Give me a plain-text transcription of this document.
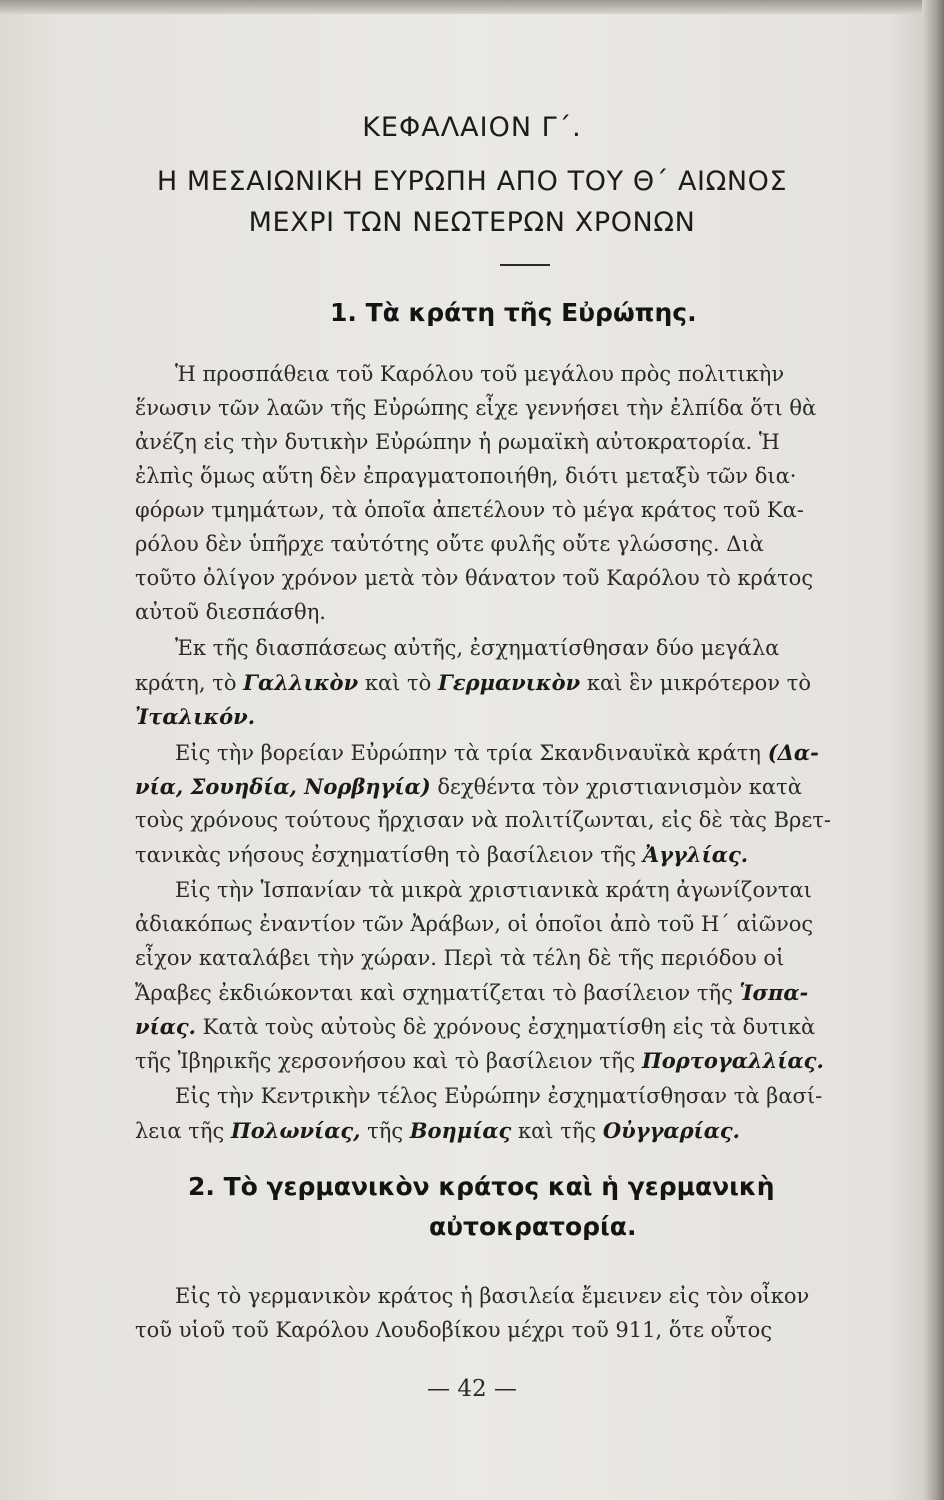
ΚΕΦΑΛΑΙΟΝ Γ΄.
Η ΜΕΣΑΙΩΝΙΚΗ ΕΥΡΩΠΗ ΑΠΟ ΤΟΥ Θ΄ ΑΙΩΝΟΣ
ΜΕΧΡΙ ΤΩΝ ΝΕΩΤΕΡΩΝ ΧΡΟΝΩΝ
1. Τὰ κράτη τῆς Εὐρώπης.
Ἡ προσπάθεια τοῦ Καρόλου τοῦ μεγάλου πρὸς πολιτικὴν
ἕνωσιν τῶν λαῶν τῆς Εὐρώπης εἶχε γεννήσει τὴν ἐλπίδα ὅτι θὰ
ἀνέζη εἰς τὴν δυτικὴν Εὐρώπην ἡ ρωμαϊκὴ αὐτοκρατορία. Ἡ
ἐλπὶς ὅμως αὕτη δὲν ἐπραγματοποιήθη, διότι μεταξὺ τῶν δια·
φόρων τμημάτων, τὰ ὁποῖα ἀπετέλουν τὸ μέγα κράτος τοῦ Κα-
ρόλου δὲν ὑπῆρχε ταὐτότης οὔτε φυλῆς οὔτε γλώσσης. Διὰ
τοῦτο ὀλίγον χρόνον μετὰ τὸν θάνατον τοῦ Καρόλου τὸ κράτος
αὐτοῦ διεσπάσθη.
Ἐκ τῆς διασπάσεως αὐτῆς, ἐσχηματίσθησαν δύο μεγάλα
κράτη, τὸ Γαλλικὸν καὶ τὸ Γερμανικὸν καὶ ἓν μικρότερον τὸ
Ἰταλικόν.
Εἰς τὴν βορείαν Εὐρώπην τὰ τρία Σκανδιναυϊκὰ κράτη (Δα-
νία, Σουηδία, Νορβηγία) δεχθέντα τὸν χριστιανισμὸν κατὰ
τοὺς χρόνους τούτους ἤρχισαν νὰ πολιτίζωνται, εἰς δὲ τὰς Βρετ-
τανικὰς νήσους ἐσχηματίσθη τὸ βασίλειον τῆς Ἀγγλίας.
Εἰς τὴν Ἱσπανίαν τὰ μικρὰ χριστιανικὰ κράτη ἀγωνίζονται
ἀδιακόπως ἐναντίον τῶν Ἀράβων, οἱ ὁποῖοι ἀπὸ τοῦ Η΄ αἰῶνος
εἶχον καταλάβει τὴν χώραν. Περὶ τὰ τέλη δὲ τῆς περιόδου οἱ
Ἄραβες ἐκδιώκονται καὶ σχηματίζεται τὸ βασίλειον τῆς Ἱσπα-
νίας. Κατὰ τοὺς αὐτοὺς δὲ χρόνους ἐσχηματίσθη εἰς τὰ δυτικὰ
τῆς Ἰβηρικῆς χερσονήσου καὶ τὸ βασίλειον τῆς Πορτογαλλίας.
Εἰς τὴν Κεντρικὴν τέλος Εὐρώπην ἐσχηματίσθησαν τὰ βασί-
λεια τῆς Πολωνίας, τῆς Βοημίας καὶ τῆς Οὐγγαρίας.
2. Τὸ γερμανικὸν κράτος καὶ ἡ γερμανικὴ
αὐτοκρατορία.
Εἰς τὸ γερμανικὸν κράτος ἡ βασιλεία ἔμεινεν εἰς τὸν οἶκον
τοῦ υἱοῦ τοῦ Καρόλου Λουδοβίκου μέχρι τοῦ 911, ὅτε οὗτος
— 42 —
